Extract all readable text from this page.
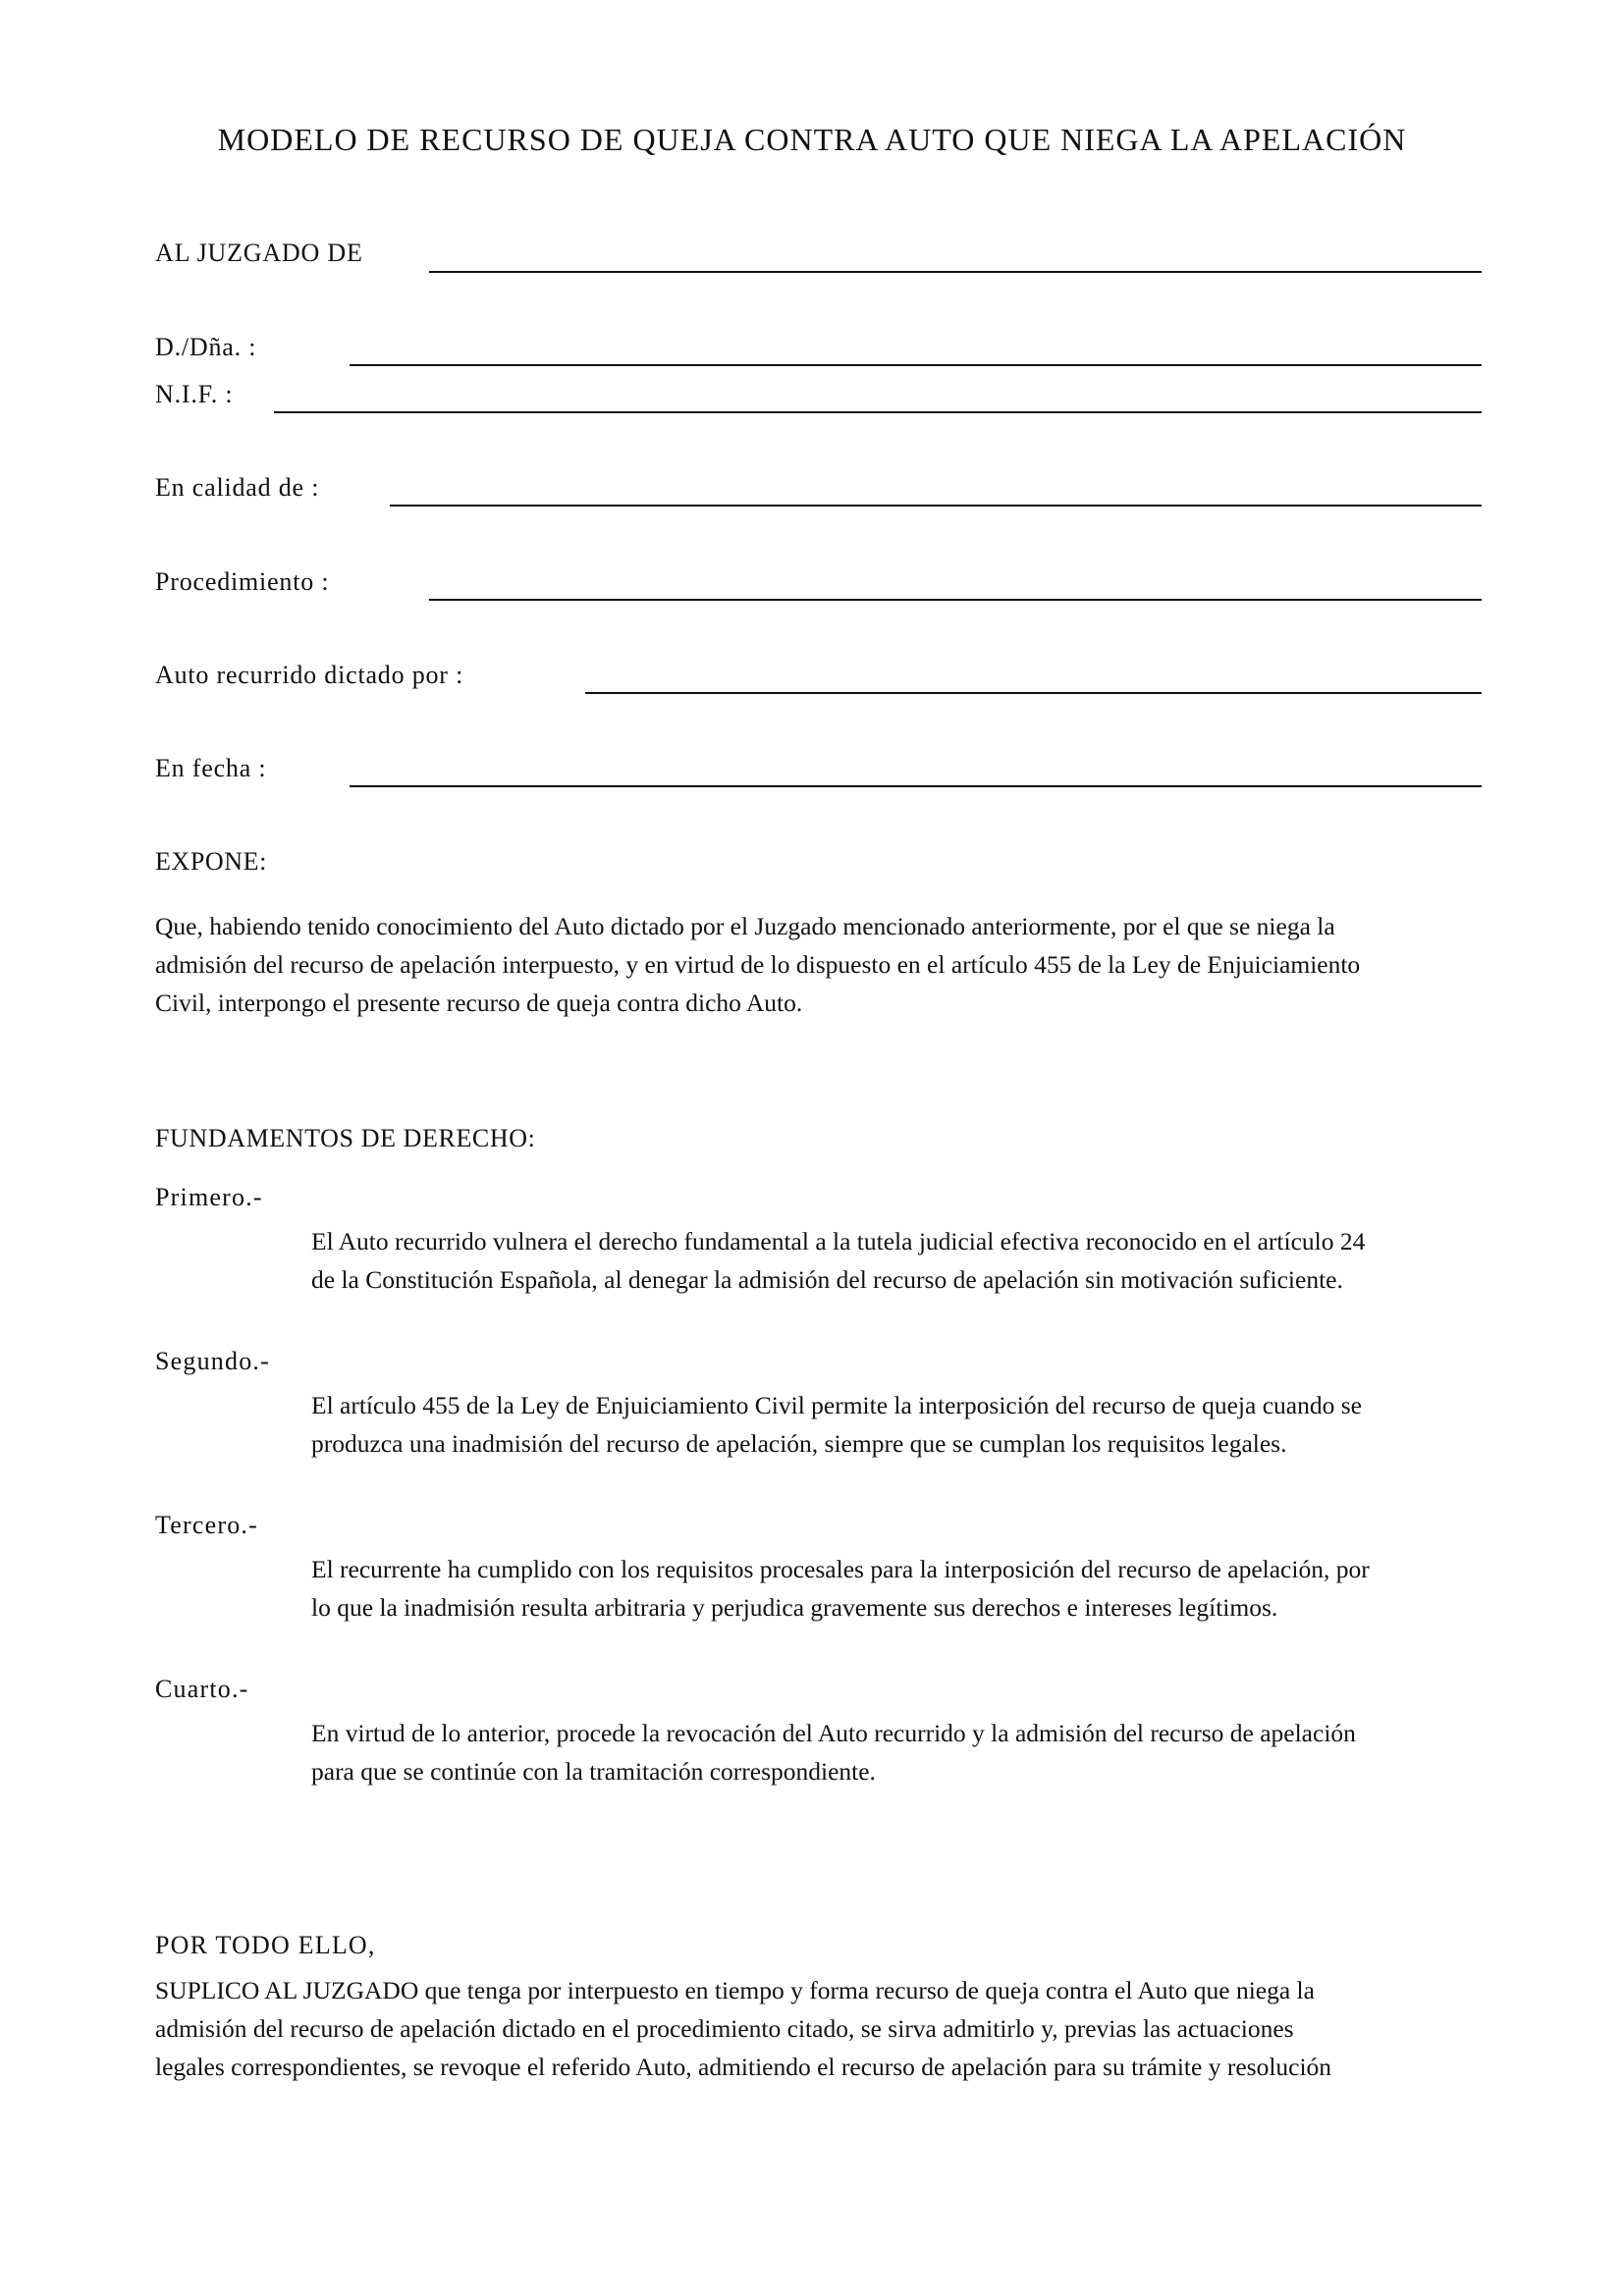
MODELO DE RECURSO DE QUEJA CONTRA AUTO QUE NIEGA LA APELACIÓN
AL JUZGADO DE
D./Dña. :
N.I.F. :
En calidad de :
Procedimiento :
Auto recurrido dictado por :
En fecha :
EXPONE:
Que, habiendo tenido conocimiento del Auto dictado por el Juzgado mencionado anteriormente, por el que se niega la
admisión del recurso de apelación interpuesto, y en virtud de lo dispuesto en el artículo 455 de la Ley de Enjuiciamiento
Civil, interpongo el presente recurso de queja contra dicho Auto.
FUNDAMENTOS DE DERECHO:
Primero.-
El Auto recurrido vulnera el derecho fundamental a la tutela judicial efectiva reconocido en el artículo 24
de la Constitución Española, al denegar la admisión del recurso de apelación sin motivación suficiente.
Segundo.-
El artículo 455 de la Ley de Enjuiciamiento Civil permite la interposición del recurso de queja cuando se
produzca una inadmisión del recurso de apelación, siempre que se cumplan los requisitos legales.
Tercero.-
El recurrente ha cumplido con los requisitos procesales para la interposición del recurso de apelación, por
lo que la inadmisión resulta arbitraria y perjudica gravemente sus derechos e intereses legítimos.
Cuarto.-
En virtud de lo anterior, procede la revocación del Auto recurrido y la admisión del recurso de apelación
para que se continúe con la tramitación correspondiente.
POR TODO ELLO,
SUPLICO AL JUZGADO que tenga por interpuesto en tiempo y forma recurso de queja contra el Auto que niega la
admisión del recurso de apelación dictado en el procedimiento citado, se sirva admitirlo y, previas las actuaciones
legales correspondientes, se revoque el referido Auto, admitiendo el recurso de apelación para su trámite y resolución
